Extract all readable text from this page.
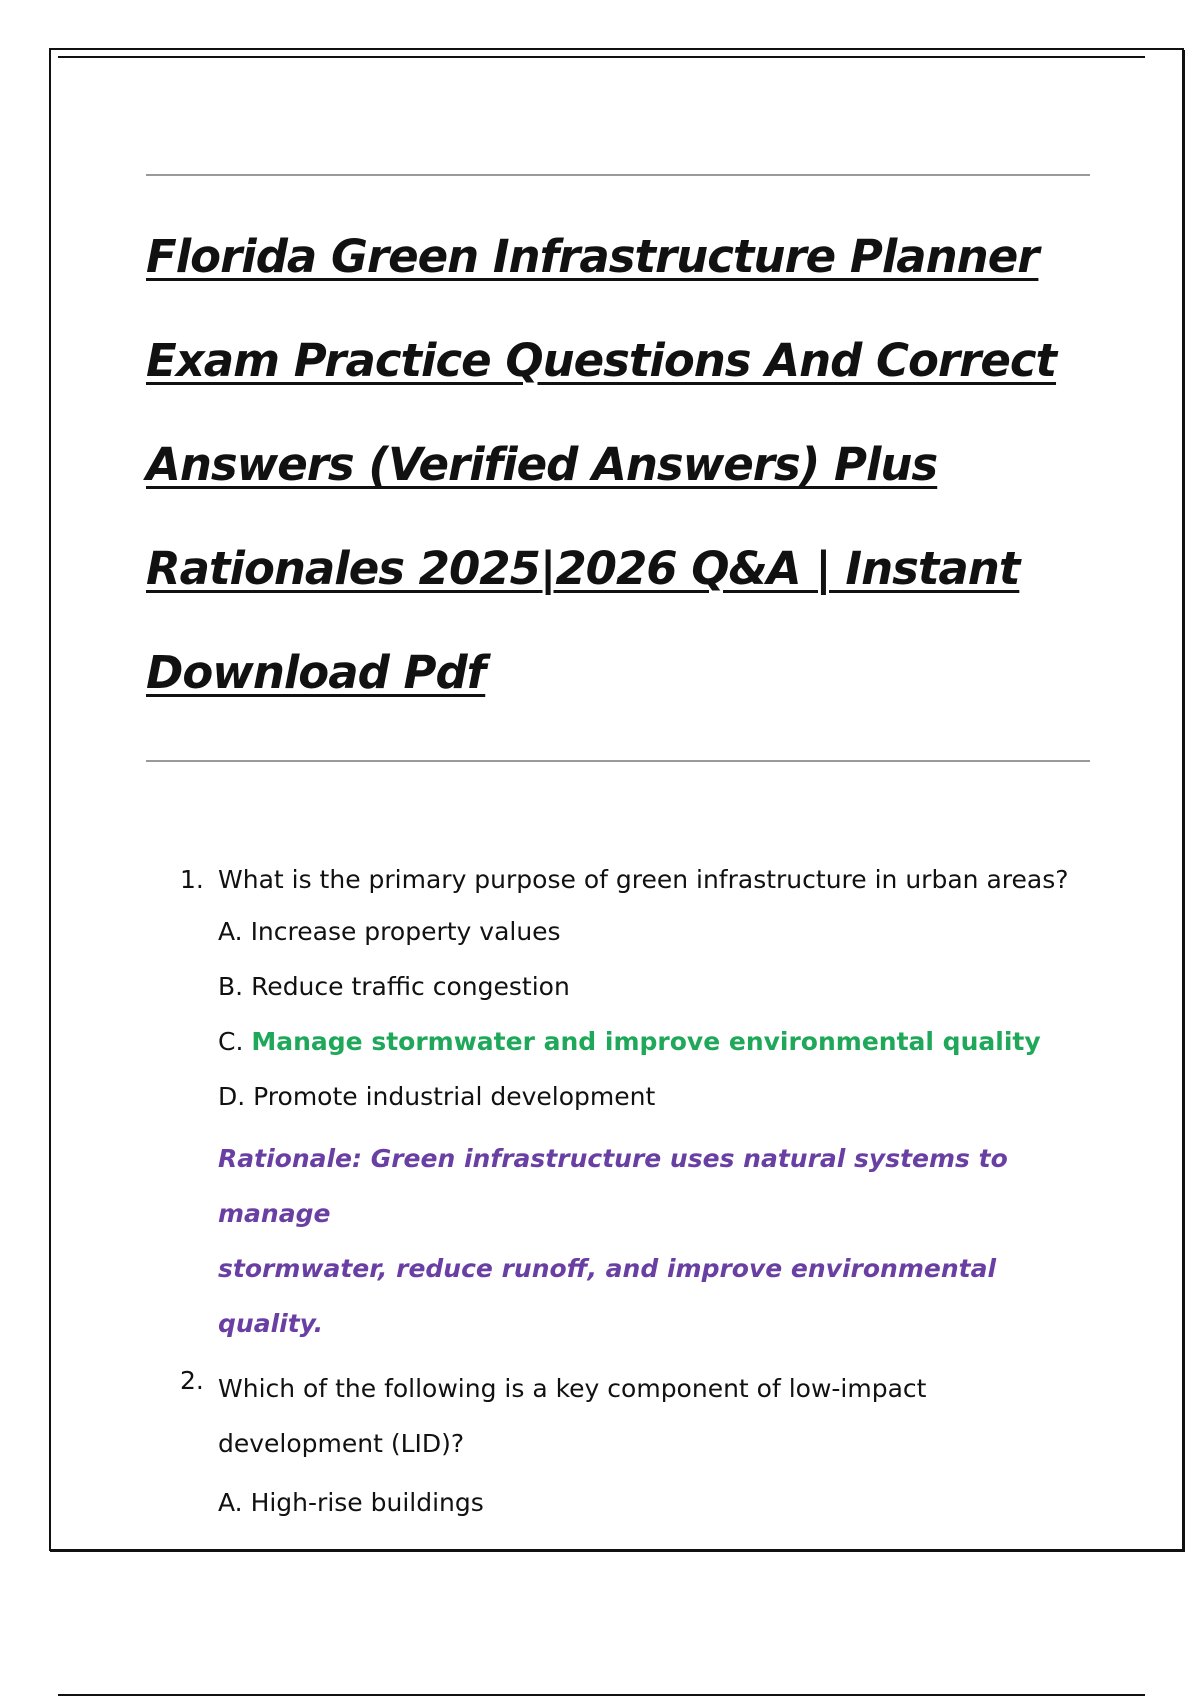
Florida Green Infrastructure Planner
Exam Practice Questions And Correct
Answers (Verified Answers) Plus
Rationales 2025|2026 Q&A | Instant
Download Pdf
1. What is the primary purpose of green infrastructure in urban areas?
A. Increase property values
B. Reduce traffic congestion
C. Manage stormwater and improve environmental quality
D. Promote industrial development
Rationale: Green infrastructure uses natural systems to manage
stormwater, reduce runoff, and improve environmental quality.
2. Which of the following is a key component of low-impact
development (LID)?
A. High-rise buildings
